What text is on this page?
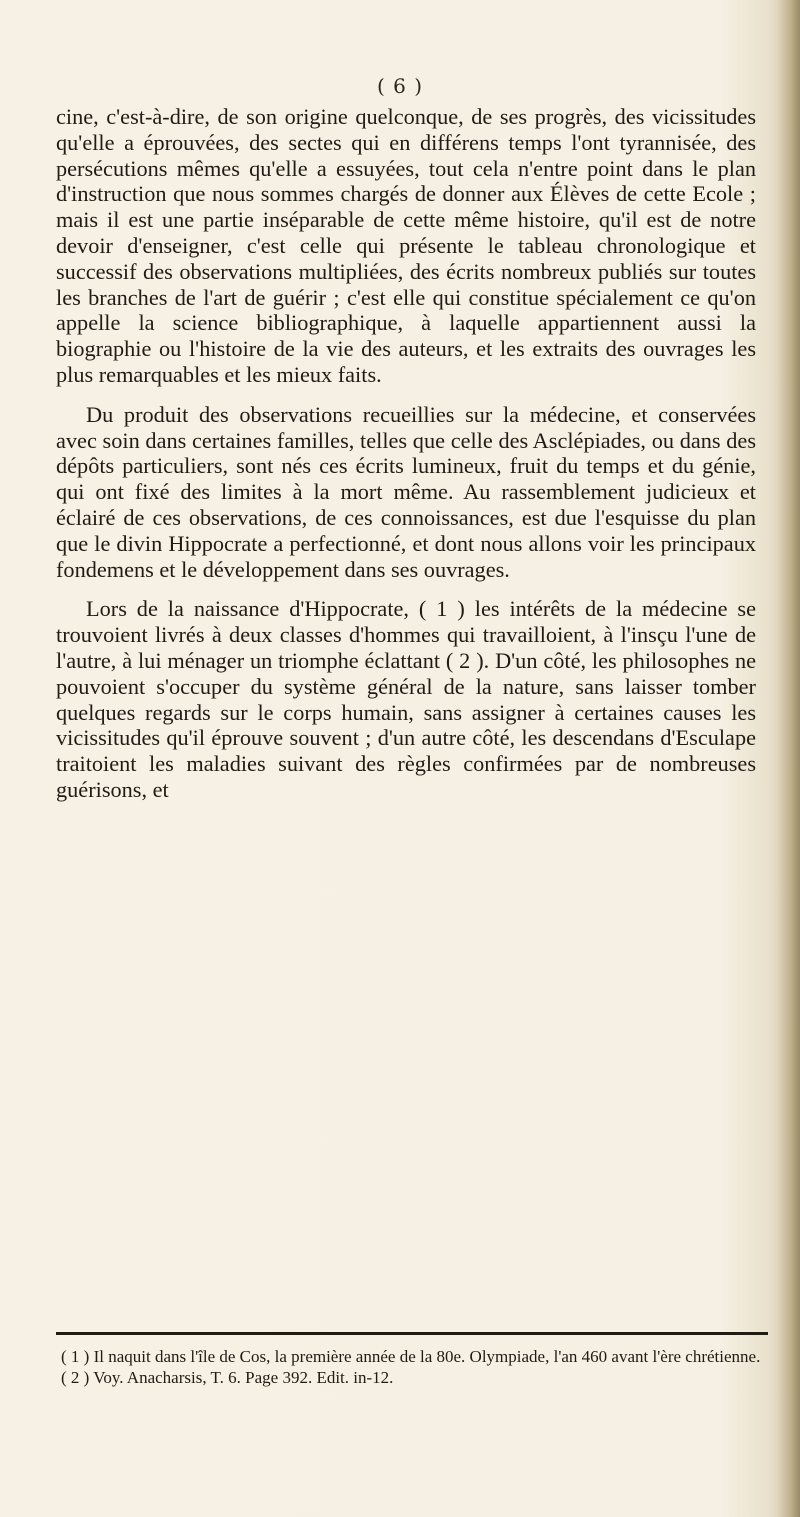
( 6 )

cine, c'est-à-dire, de son origine quelconque, de ses progrès, des vicissitudes qu'elle a éprouvées, des sectes qui en différens temps l'ont tyrannisée, des persécutions mêmes qu'elle a essuyées, tout cela n'entre point dans le plan d'instruction que nous sommes chargés de donner aux Élèves de cette Ecole ; mais il est une partie inséparable de cette même histoire, qu'il est de notre devoir d'enseigner, c'est celle qui présente le tableau chronologique et successif des observations multipliées, des écrits nombreux publiés sur toutes les branches de l'art de guérir ; c'est elle qui constitue spécialement ce qu'on appelle la science bibliographique, à laquelle appartiennent aussi la biographie ou l'histoire de la vie des auteurs, et les extraits des ouvrages les plus remarquables et les mieux faits.

Du produit des observations recueillies sur la médecine, et conservées avec soin dans certaines familles, telles que celle des Asclépiades, ou dans des dépôts particuliers, sont nés ces écrits lumineux, fruit du temps et du génie, qui ont fixé des limites à la mort même. Au rassemblement judicieux et éclairé de ces observations, de ces connoissances, est due l'esquisse du plan que le divin Hippocrate a perfectionné, et dont nous allons voir les principaux fondemens et le développement dans ses ouvrages.

Lors de la naissance d'Hippocrate, ( 1 ) les intérêts de la médecine se trouvoient livrés à deux classes d'hommes qui travailloient, à l'insçu l'une de l'autre, à lui ménager un triomphe éclattant ( 2 ). D'un côté, les philosophes ne pouvoient s'occuper du système général de la nature, sans laisser tomber quelques regards sur le corps humain, sans assigner à certaines causes les vicissitudes qu'il éprouve souvent ; d'un autre côté, les descendans d'Esculape traitoient les maladies suivant des règles confirmées par de nombreuses guérisons, et

( 1 ) Il naquit dans l'île de Cos, la première année de la 80e. Olympiade, l'an 460 avant l'ère chrétienne.

( 2 ) Voy. Anacharsis, T. 6. Page 392. Edit. in-12.
